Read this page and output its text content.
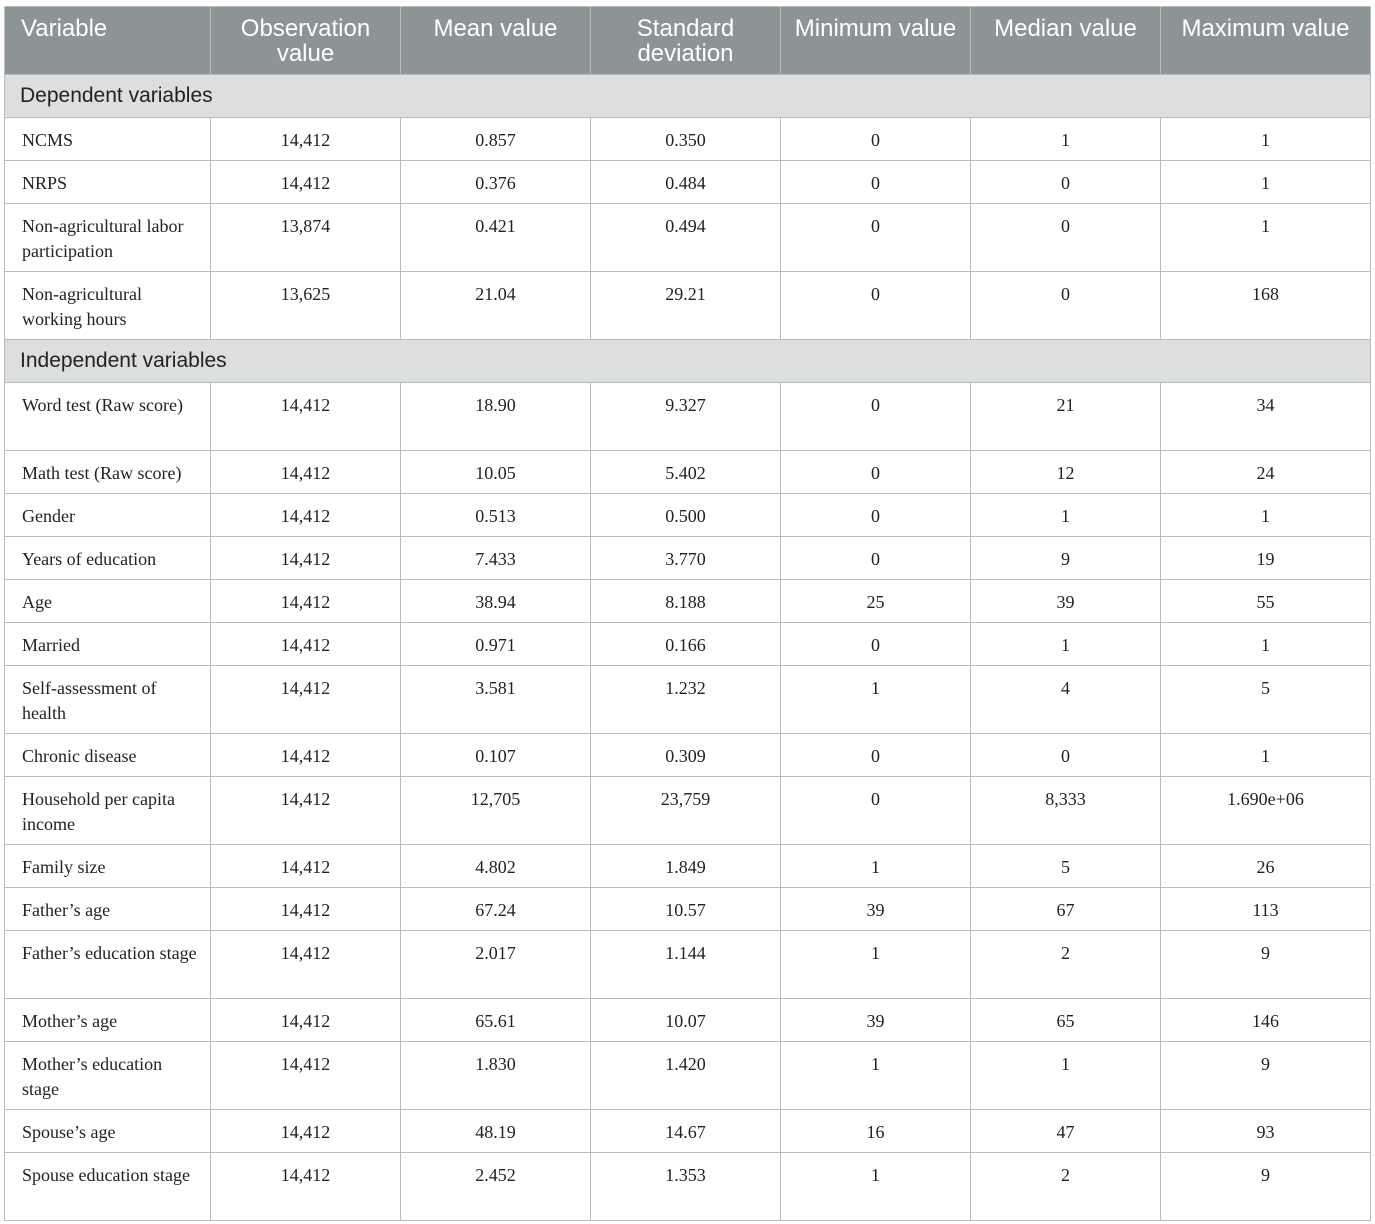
Variable	Observation value	Mean value	Standard deviation	Minimum value	Median value	Maximum value
Dependent variables						
NCMS	14,412	0.857	0.350	0	1	1
NRPS	14,412	0.376	0.484	0	0	1
Non-agricultural labor participation	13,874	0.421	0.494	0	0	1
Non-agricultural working hours	13,625	21.04	29.21	0	0	168
Independent variables						
Word test (Raw score)	14,412	18.90	9.327	0	21	34
Math test (Raw score)	14,412	10.05	5.402	0	12	24
Gender	14,412	0.513	0.500	0	1	1
Years of education	14,412	7.433	3.770	0	9	19
Age	14,412	38.94	8.188	25	39	55
Married	14,412	0.971	0.166	0	1	1
Self-assessment of health	14,412	3.581	1.232	1	4	5
Chronic disease	14,412	0.107	0.309	0	0	1
Household per capita income	14,412	12,705	23,759	0	8,333	1.690e+06
Family size	14,412	4.802	1.849	1	5	26
Father’s age	14,412	67.24	10.57	39	67	113
Father’s education stage	14,412	2.017	1.144	1	2	9
Mother’s age	14,412	65.61	10.07	39	65	146
Mother’s education stage	14,412	1.830	1.420	1	1	9
Spouse’s age	14,412	48.19	14.67	16	47	93
Spouse education stage	14,412	2.452	1.353	1	2	9
